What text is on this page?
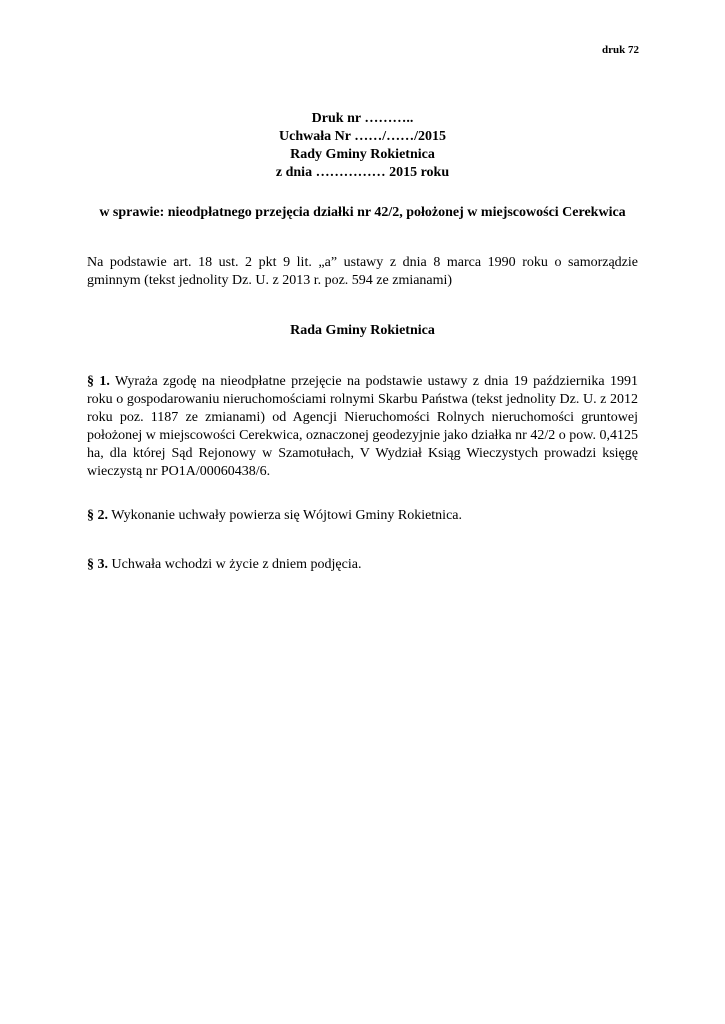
druk 72
Druk nr ………..
Uchwała Nr ……/……/2015
Rady Gminy Rokietnica
z dnia …………… 2015 roku
w sprawie: nieodpłatnego przejęcia działki nr 42/2, położonej w miejscowości Cerekwica
Na podstawie art. 18 ust. 2 pkt 9 lit. „a” ustawy z dnia 8 marca 1990 roku o samorządzie gminnym (tekst jednolity Dz. U. z 2013 r. poz. 594 ze zmianami)
Rada Gminy Rokietnica
§ 1. Wyraża zgodę na nieodpłatne przejęcie na podstawie ustawy z dnia 19 października 1991 roku o gospodarowaniu nieruchomościami rolnymi Skarbu Państwa (tekst jednolity Dz. U. z 2012 roku poz. 1187 ze zmianami) od Agencji Nieruchomości Rolnych nieruchomości gruntowej położonej w miejscowości Cerekwica, oznaczonej geodezyjnie jako działka nr 42/2 o pow. 0,4125 ha, dla której Sąd Rejonowy w Szamotułach, V Wydział Ksiąg Wieczystych prowadzi księgę wieczystą nr PO1A/00060438/6.
§ 2. Wykonanie uchwały powierza się Wójtowi Gminy Rokietnica.
§ 3. Uchwała wchodzi w życie z dniem podjęcia.
